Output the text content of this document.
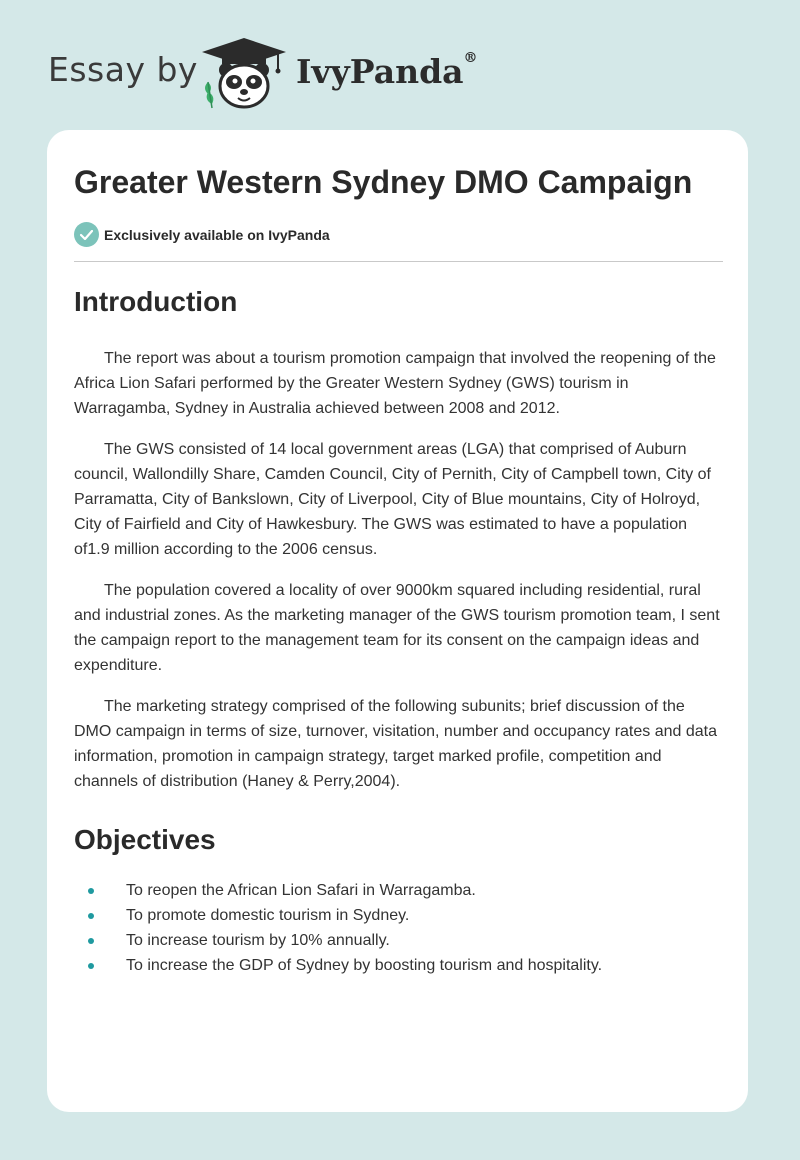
Essay by	IvyPanda®
Greater Western Sydney DMO Campaign
Exclusively available on IvyPanda
Introduction

The report was about a tourism promotion campaign that involved the reopening of the Africa Lion Safari performed by the Greater Western Sydney (GWS) tourism in Warragamba, Sydney in Australia achieved between 2008 and 2012.

The GWS consisted of 14 local government areas (LGA) that comprised of Auburn council, Wallondilly Share, Camden Council, City of Pernith, City of Campbell town, City of Parramatta, City of Bankslown, City of Liverpool, City of Blue mountains, City of Holroyd, City of Fairfield and City of Hawkesbury. The GWS was estimated to have a population of1.9 million according to the 2006 census.

The population covered a locality of over 9000km squared including residential, rural and industrial zones. As the marketing manager of the GWS tourism promotion team, I sent the campaign report to the management team for its consent on the campaign ideas and expenditure.

The marketing strategy comprised of the following subunits; brief discussion of the DMO campaign in terms of size, turnover, visitation, number and occupancy rates and data information, promotion in campaign strategy, target marked profile, competition and channels of distribution (Haney & Perry,2004).

Objectives
To reopen the African Lion Safari in Warragamba.
To promote domestic tourism in Sydney.
To increase tourism by 10% annually.
To increase the GDP of Sydney by boosting tourism and hospitality.
